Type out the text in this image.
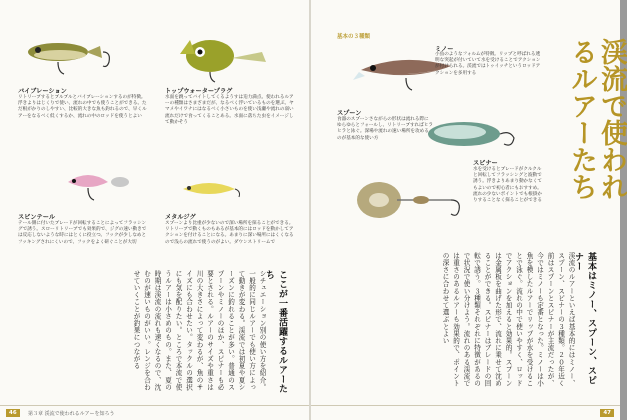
バイブレーション
リトリーブするとブルブルとバイブレーションするのが特徴。浮きよりはじくりで使い、流れの中でも使うことができる。ただ根がかりのしやすい、比較的大きな魚も釣れるので、早くルアーをなるべく低くするか、流れの中のロッドを使うとよい
トップウォータープラグ
水面を跳ってバイトしてくるようすは迫力満点。使われるルアーの種類はさまざまだが、なるべく浮いているものを選ぶ。ヤマメやイワナにはなるべく小さいものを使い浅瀬や流れの弱い流れだけで食ってくることある。水面に落ちた虫をイメージして動かそう
スピンテール
テール側に付いたブレードが回転することによってフラッシングで誘う。スローリトリーブでも効果的で、ジグの速い動きでは反応しないような時にはとくに役立つ。フックが少しなめとフッキングされにくいので、フックをよく研ぐことが大切
メタルジグ
スプーンより比重が少ないので深い場所を探ることができる。リトリーブで動くものもあるが基本的にはロッドを動かしてアクションを付けることになる。あまりに深い場所にはくくなるので浅らの流れで使うのがよい。ダウンストリームで
ここが一番活躍するルアーたち
シチュエーション別の使い方を紹介。一般的に同じルアーでも使い方によって動きが変わる。渓流では初夏や夏シーズンに釣れることが多い。普通のスプーンやミノーのほか、スピナーも必要とされる。ルアーのサイズや重さは川の大きさによって変わるが、魚のサイズにも合わせたい。タックルの選択にも気を配りたい。ところで本流で使うルアーは小さめのもの。また、夏の時期は渓流の流れも速くなるので、沈むのが速いものがいい。レンジを合わせていくことが釣果につながる
46	第３章 渓流で使われるルアーを知ろう
基本の３種類
渓流で使われるルアーたち
ミノー
小魚のようなフォルムが特徴。リップと呼ばれる透明な突起が付いていて水を受けることでアクションが付けられる。渓流ではトゥイッチというロッドアクションを多用する
スプーン
食器のスプーンさながらの形状は流れる際にゆらゆらとフォールし、リトリーブすればヒラヒラと泳ぐ。深場や流れの速い場所を攻めるのが基本的な使い方
スピナー
水を受けるとブレードがクルクルと回転してフラッシングと波動で誘う。浮きよりあまり動かなくてもよいので初心者にもおすすめ。流れの少ないポイントでも根掛かりすることなく探ることができる
基本はミノー、スプーン、スピナー
渓流のルアーといえば基本的にはミノー、スプーン、スピナーの３種類。２０年近く前はスプーンとスピナーが主流だったが、今ではミノーも定番となった。ミノーは小魚を模したルアーでリップが水を受けることで泳ぐ。流れの中で使いやすく、ロッドでアクションを加えると効果的。スプーンは金属板を曲げた形で、流れに乗せて沈めることができる。スピナーはブレードの回転で誘う。３種類それぞれに特徴があるので状況で使い分けよう。流れのある渓流では重さのあるルアーも効果的で、ポイントの深さに合わせて選ぶとよい
47
